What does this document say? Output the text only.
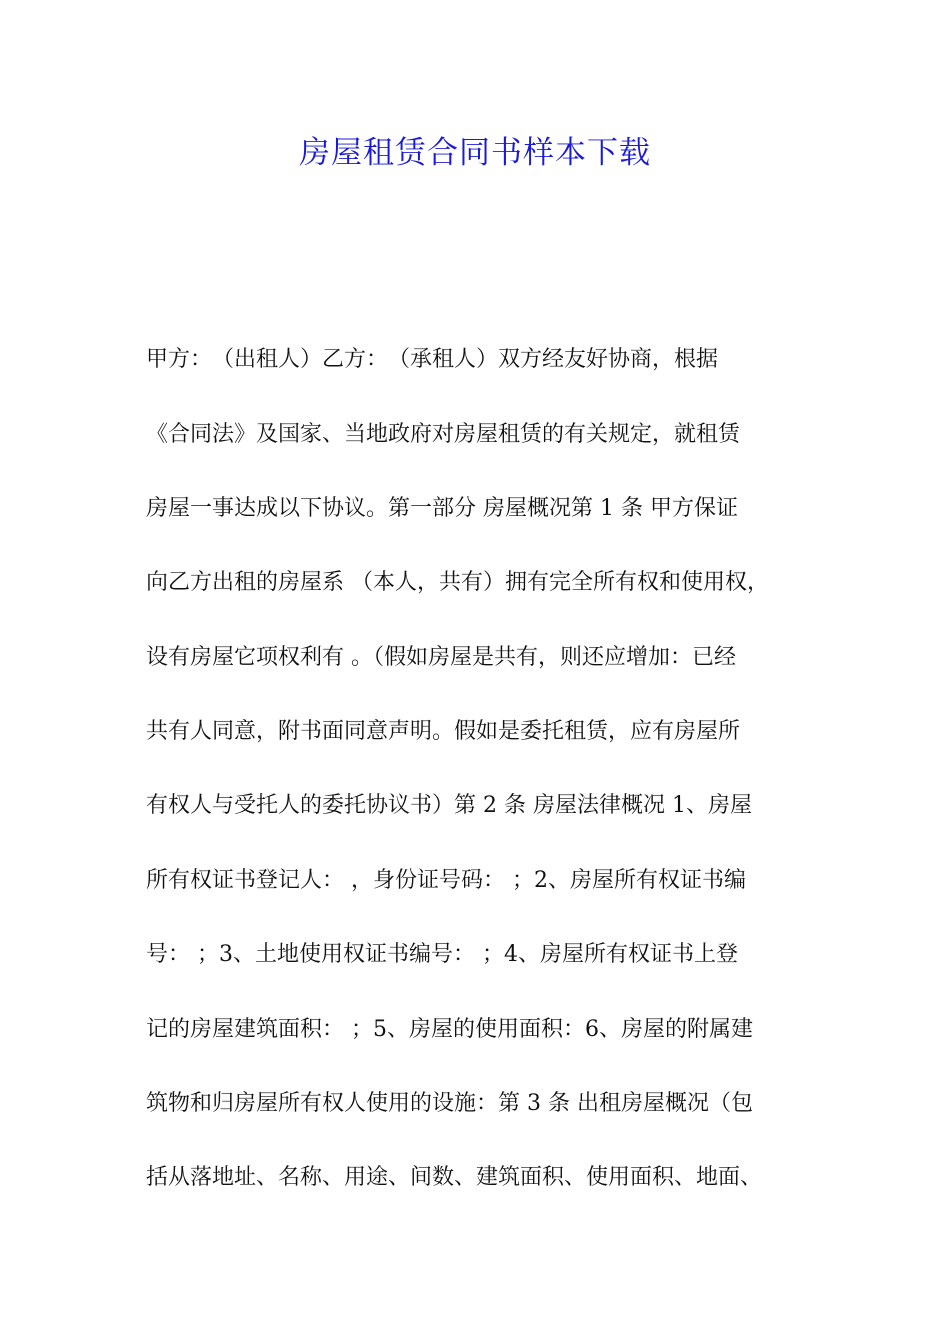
房屋租赁合同书样本下载
甲方：　（出租人）乙方：　（承租人）双方经友好协商，根据
《合同法》及国家、当地政府对房屋租赁的有关规定，就租赁
房屋一事达成以下协议。第一部分 房屋概况第 1 条 甲方保证
向乙方出租的房屋系 （本人，共有）拥有完全所有权和使用权，
设有房屋它项权利有 。（假如房屋是共有，则还应增加：已经
共有人同意，附书面同意声明。假如是委托租赁，应有房屋所
有权人与受托人的委托协议书）第 2 条 房屋法律概况 1、房屋
所有权证书登记人： ，身份证号码： ；2、房屋所有权证书编
号： ；3、土地使用权证书编号： ；4、房屋所有权证书上登
记的房屋建筑面积： ；5、房屋的使用面积：6、房屋的附属建
筑物和归房屋所有权人使用的设施：第 3 条 出租房屋概况（包
括从落地址、名称、用途、间数、建筑面积、使用面积、地面、
